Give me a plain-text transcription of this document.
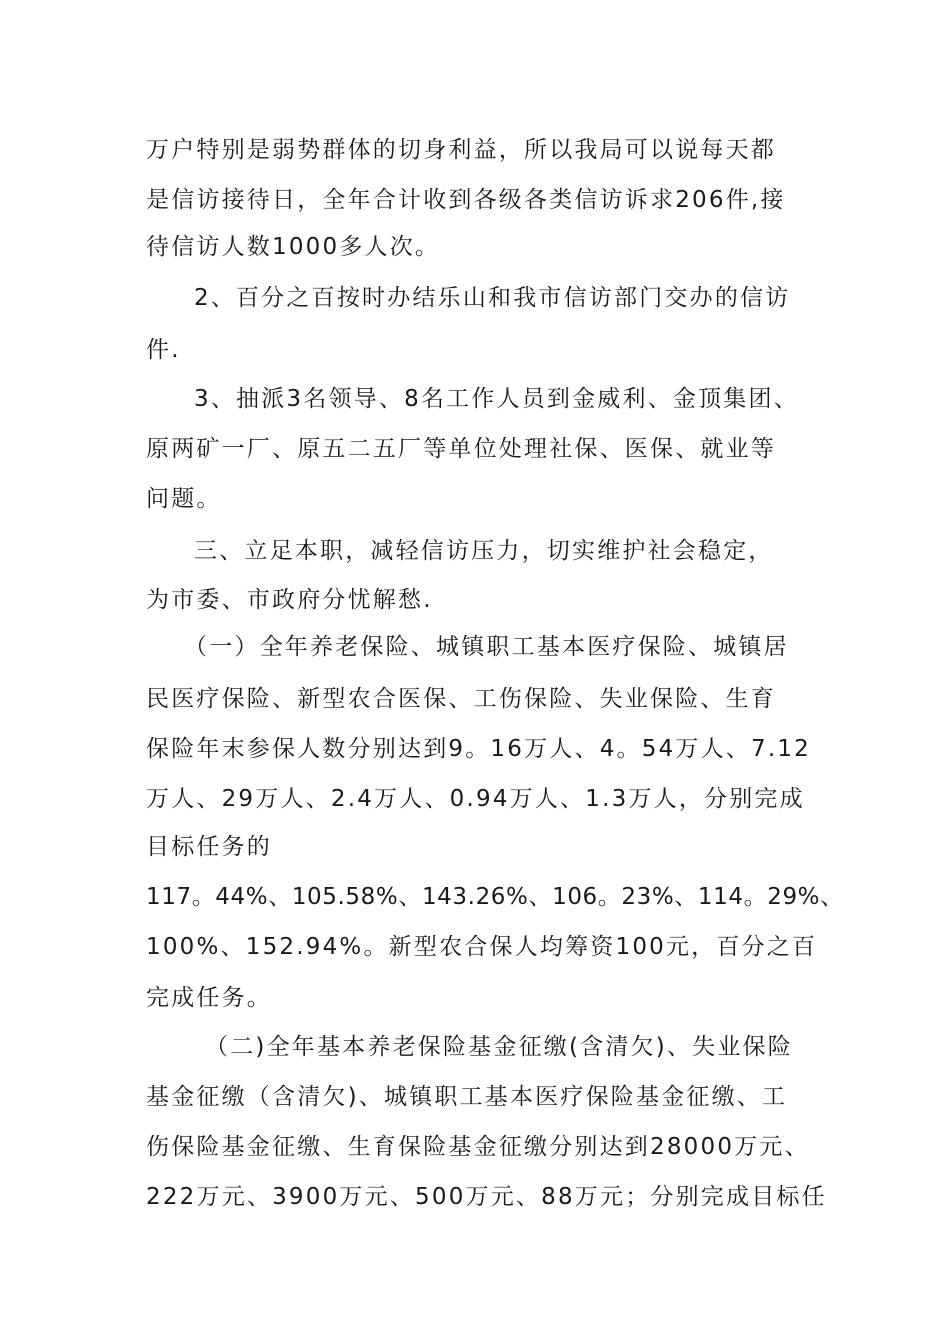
万户特别是弱势群体的切身利益，所以我局可以说每天都
是信访接待日，全年合计收到各级各类信访诉求206件,接
待信访人数1000多人次。
2、百分之百按时办结乐山和我市信访部门交办的信访
件.
3、抽派3名领导、8名工作人员到金威利、金顶集团、
原两矿一厂、原五二五厂等单位处理社保、医保、就业等
问题。
三、立足本职，减轻信访压力，切实维护社会稳定，
为市委、市政府分忧解愁.
（一）全年养老保险、城镇职工基本医疗保险、城镇居
民医疗保险、新型农合医保、工伤保险、失业保险、生育
保险年末参保人数分别达到9。16万人、4。54万人、7.12
万人、29万人、2.4万人、0.94万人、1.3万人，分别完成
目标任务的
117。44%、105.58%、143.26%、106。23%、114。29%、
100%、152.94%。新型农合保人均筹资100元，百分之百
完成任务。
（二)全年基本养老保险基金征缴(含清欠)、失业保险
基金征缴（含清欠)、城镇职工基本医疗保险基金征缴、工
伤保险基金征缴、生育保险基金征缴分别达到28000万元、
222万元、3900万元、500万元、88万元；分别完成目标任
